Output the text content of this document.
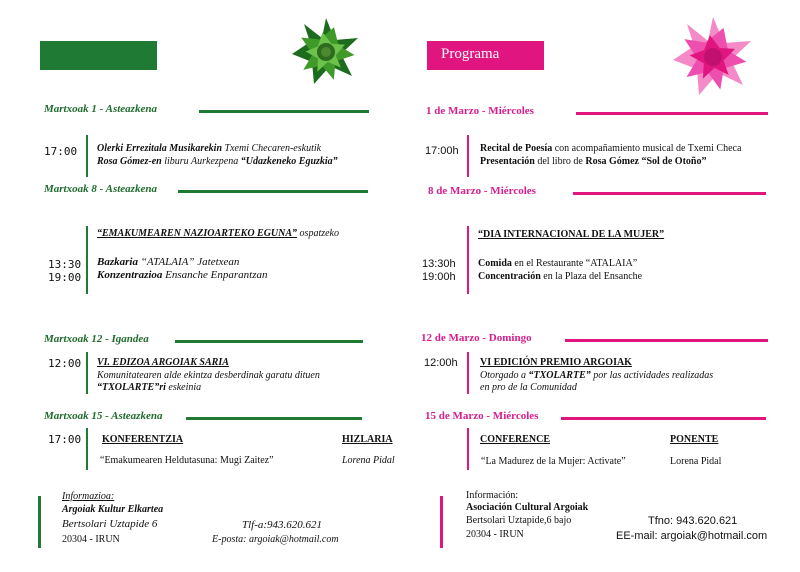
Programa
Martxoak 1 - Asteazkena
17:00 Olerki Errezitala Musikarekin Txemi Checaren-eskutik
Rosa Gómez-en liburu Aurkezpena “Udazkeneko Eguzkia”
Martxoak 8 - Asteazkena
“EMAKUMEAREN NAZIOARTEKO EGUNA” ospatzeko
13:30
19:00
Bazkaria “ATALAIA” Jatetxean
Konzentrazioa Ensanche Enparantzan
Martxoak 12 - Igandea
12:00 VI. EDIZOA ARGOIAK SARIA
Komunitatearen alde ekintza desberdinak garatu dituen
“TXOLARTE”ri eskeinia
Martxoak 15 - Asteazkena
17:00 KONFERENTZIA
“Emakumearen Heldutasuna: Mugi Zaitez”
HIZLARIA
Lorena Pidal
Informazioa:
Argoiak Kultur Elkartea
Bertsolari Uztapide 6
20304 - IRUN
Tlf-a:943.620.621
E-posta: argoiak@hotmail.com
1 de Marzo - Miércoles
17:00h Recital de Poesía con acompañamiento musical de Txemi Checa
Presentación del libro de Rosa Gómez “Sol de Otoño”
8 de Marzo - Miércoles
“DIA INTERNACIONAL DE LA MUJER”
13:30h
19:00h
Comida en el Restaurante “ATALAIA”
Concentración en la Plaza del Ensanche
12 de Marzo - Domingo
12:00h VI EDICIÓN PREMIO ARGOIAK
Otorgado a “TXOLARTE” por las actividades realizadas
en pro de la Comunidad
15 de Marzo - Miércoles
CONFERENCE
“La Madurez de la Mujer: Activate”
PONENTE
Lorena Pidal
Información:
Asociación Cultural Argoiak
Bertsolari Uztapide,6 bajo
20304 - IRUN
Tfno: 943.620.621
EE-mail: argoiak@hotmail.com
